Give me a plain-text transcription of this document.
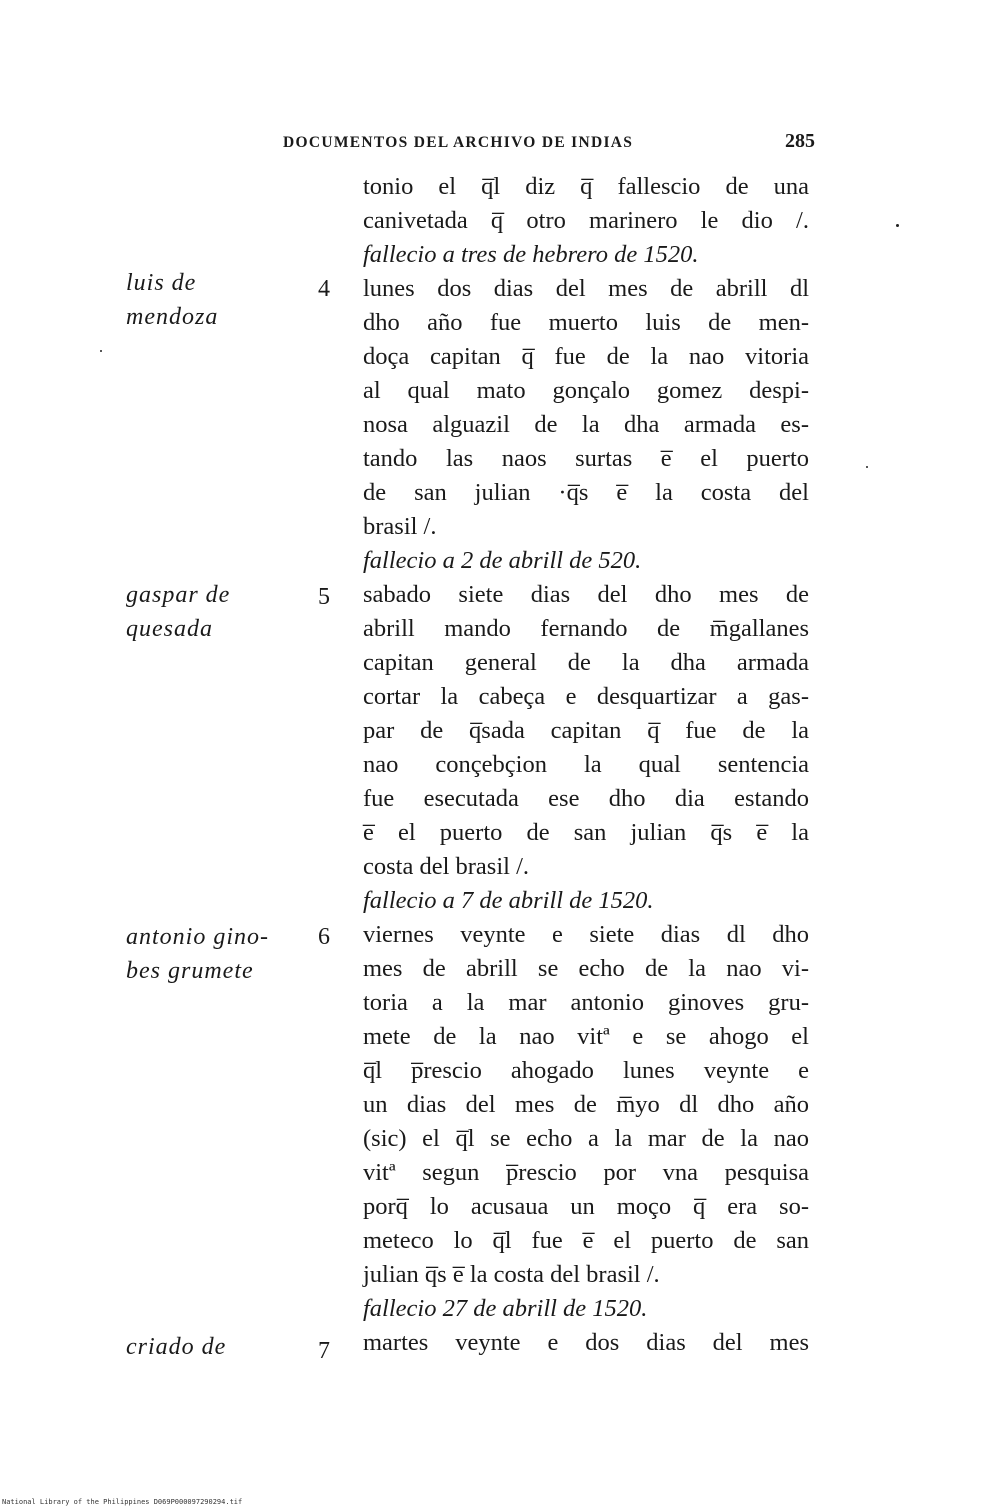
DOCUMENTOS DEL ARCHIVO DE INDIAS	285
tonio el q̅l diz q̅ fallescio de una
canivetada q̅ otro marinero le dio /.
fallecio a tres de hebrero de 1520.
lunes dos dias del mes de abrill dl
dho año fue muerto luis de men-
doça capitan q̅ fue de la nao vitoria
al qual mato gonçalo gomez despi-
nosa alguazil de la dha armada es-
tando las naos surtas e̅ el puerto
de san julian ·q̅s e̅ la costa del
brasil /.
fallecio a 2 de abrill de 520.
sabado siete dias del dho mes de
abrill mando fernando de m̅gallanes
capitan general de la dha armada
cortar la cabeça e desquartizar a gas-
par de q̅sada capitan q̅ fue de la
nao conçebçion la qual sentencia
fue esecutada ese dho dia estando
e̅ el puerto de san julian q̅s e̅ la
costa del brasil /.
fallecio a 7 de abrill de 1520.
viernes veynte e siete dias dl dho
mes de abrill se echo de la nao vi-
toria a la mar antonio ginoves gru-
mete de la nao vitª e se ahogo el
q̅l p̅rescio ahogado lunes veynte e
un dias del mes de m̅yo dl dho año
(sic) el q̅l se echo a la mar de la nao
vitª segun p̅rescio por vna pesquisa
porq̅ lo acusaua un moço q̅ era so-
meteco lo q̅l fue e̅ el puerto de san
julian q̅s e̅ la costa del brasil /.
fallecio 27 de abrill de 1520.
martes veynte e dos dias del mes
luis de
mendoza
4
gaspar de
quesada
5
antonio gino-
bes grumete
6
criado de	7
National Library of the Philippines D069P000097290294.tif
